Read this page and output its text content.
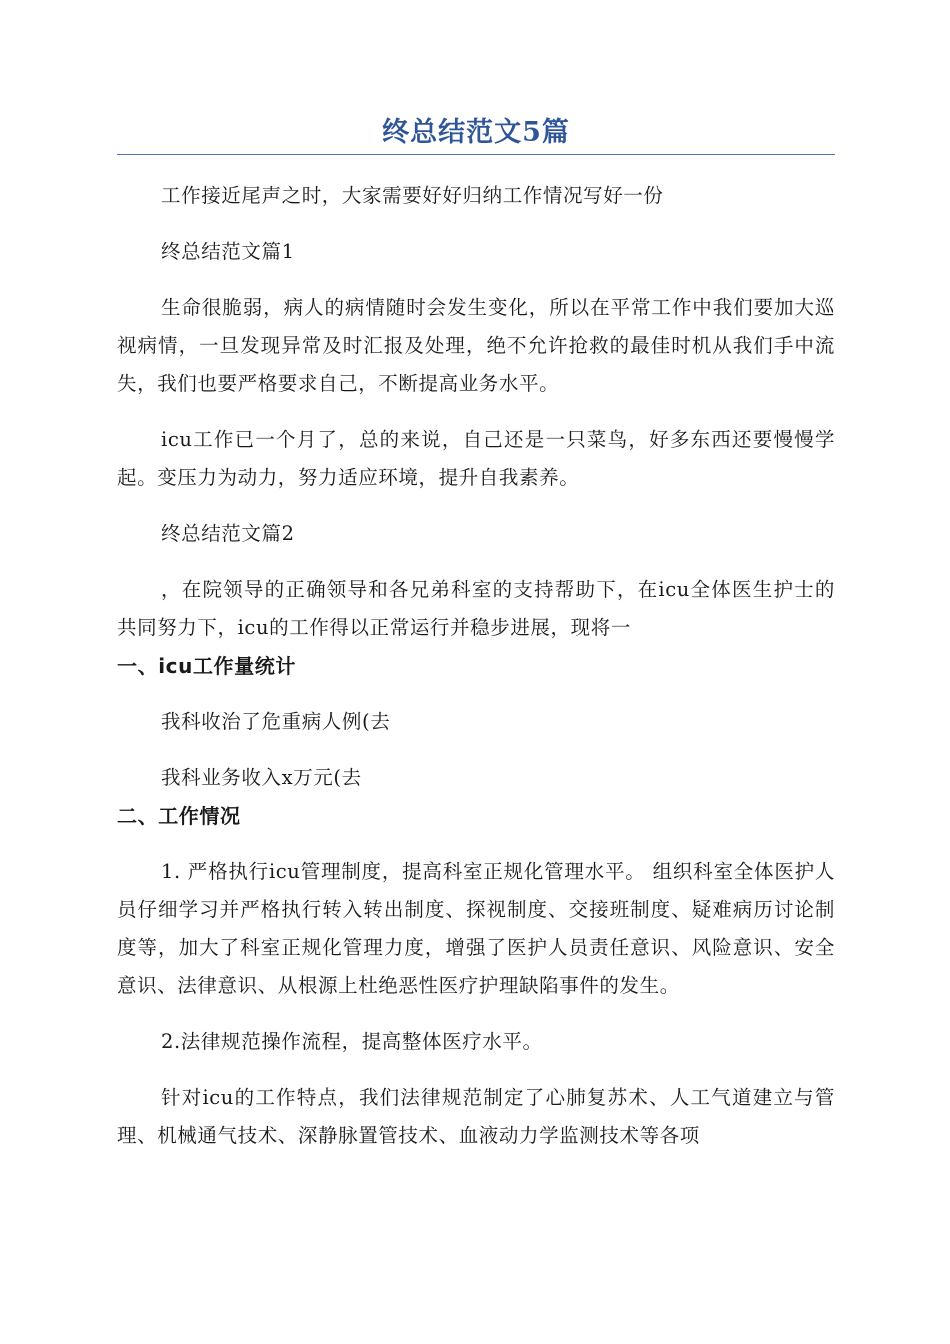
终总结范文5篇

工作接近尾声之时，大家需要好好归纳工作情况写好一份

终总结范文篇1

生命很脆弱，病人的病情随时会发生变化，所以在平常工作中我们要加大巡视病情，一旦发现异常及时汇报及处理，绝不允许抢救的最佳时机从我们手中流失，我们也要严格要求自己，不断提高业务水平。

icu工作已一个月了，总的来说，自己还是一只菜鸟，好多东西还要慢慢学起。变压力为动力，努力适应环境，提升自我素养。

终总结范文篇2

，在院领导的正确领导和各兄弟科室的支持帮助下，在icu全体医生护士的共同努力下，icu的工作得以正常运行并稳步进展，现将一

一、icu工作量统计

我科收治了危重病人例(去

我科业务收入x万元(去

二、工作情况

1. 严格执行icu管理制度，提高科室正规化管理水平。 组织科室全体医护人员仔细学习并严格执行转入转出制度、探视制度、交接班制度、疑难病历讨论制度等，加大了科室正规化管理力度，增强了医护人员责任意识、风险意识、安全意识、法律意识、从根源上杜绝恶性医疗护理缺陷事件的发生。

2.法律规范操作流程，提高整体医疗水平。

针对icu的工作特点，我们法律规范制定了心肺复苏术、人工气道建立与管理、机械通气技术、深静脉置管技术、血液动力学监测技术等各项
